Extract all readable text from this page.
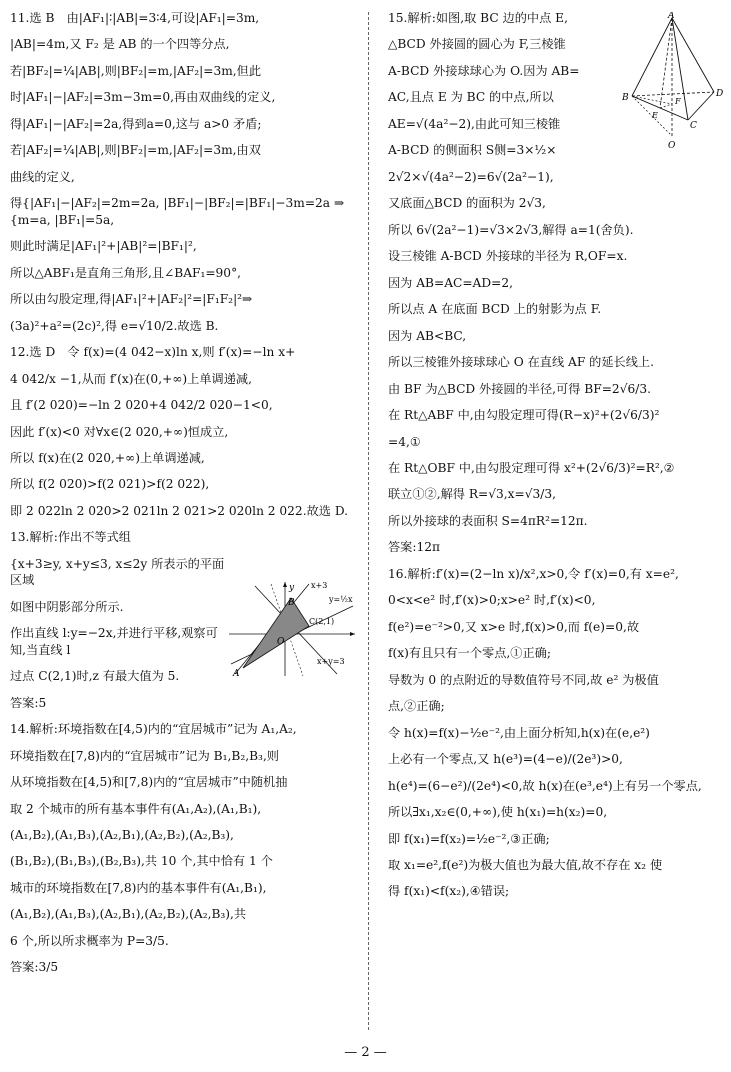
11.选 B　由|AF₁|∶|AB|=3∶4,可设|AF₁|=3m,
|AB|=4m,又 F₂ 是 AB 的一个四等分点,
若|BF₂|=¼|AB|,则|BF₂|=m,|AF₂|=3m,但此
时|AF₁|−|AF₂|=3m−3m=0,再由双曲线的定义,
得|AF₁|−|AF₂|=2a,得到a=0,这与 a>0 矛盾;
若|AF₂|=¼|AB|,则|BF₂|=m,|AF₂|=3m,由双
曲线的定义,
得{|AF₁|−|AF₂|=2m=2a, |BF₁|−|BF₂|=|BF₁|−3m=2a ⇒ {m=a, |BF₁|=5a,
则此时满足|AF₁|²+|AB|²=|BF₁|²,
所以△ABF₁是直角三角形,且∠BAF₁=90°,
所以由勾股定理,得|AF₁|²+|AF₂|²=|F₁F₂|²⇒
(3a)²+a²=(2c)²,得 e=√10/2.故选 B.
12.选 D　令 f(x)=(4 042−x)ln x,则 f′(x)=−ln x+
4 042/x −1,从而 f′(x)在(0,+∞)上单调递减,
且 f′(2 020)=−ln 2 020+4 042/2 020−1<0,
因此 f′(x)<0 对∀x∈(2 020,+∞)恒成立,
所以 f(x)在(2 020,+∞)上单调递减,
所以 f(2 020)>f(2 021)>f(2 022),
即 2 022ln 2 020>2 021ln 2 021>2 020ln 2 022.故选 D.
13.解析:作出不等式组
{x+3≥y, x+y≤3, x≤2y 所表示的平面区域
如图中阴影部分所示.
作出直线 l:y=−2x,并进行平移,观察可知,当直线 l
过点 C(2,1)时,z 有最大值为 5.
答案:5
14.解析:环境指数在[4,5)内的“宜居城市”记为 A₁,A₂,
环境指数在[7,8)内的“宜居城市”记为 B₁,B₂,B₃,则
从环境指数在[4,5)和[7,8)内的“宜居城市”中随机抽
取 2 个城市的所有基本事件有(A₁,A₂),(A₁,B₁),
(A₁,B₂),(A₁,B₃),(A₂,B₁),(A₂,B₂),(A₂,B₃),
(B₁,B₂),(B₁,B₃),(B₂,B₃),共 10 个,其中恰有 1 个
城市的环境指数在[7,8)内的基本事件有(A₁,B₁),
(A₁,B₂),(A₁,B₃),(A₂,B₁),(A₂,B₂),(A₂,B₃),共
6 个,所以所求概率为 P=3/5.
答案:3/5
15.解析:如图,取 BC 边的中点 E,
△BCD 外接圆的圆心为 F,三棱锥
A-BCD 外接球球心为 O.因为 AB=
AC,且点 E 为 BC 的中点,所以
AE=√(4a²−2),由此可知三棱锥
A-BCD 的侧面积 S侧=3×½×
2√2×√(4a²−2)=6√(2a²−1),
又底面△BCD 的面积为 2√3,
所以 6√(2a²−1)=√3×2√3,解得 a=1(舍负).
设三棱锥 A-BCD 外接球的半径为 R,OF=x.
因为 AB=AC=AD=2,
所以点 A 在底面 BCD 上的射影为点 F.
因为 AB<BC,
所以三棱锥外接球球心 O 在直线 AF 的延长线上.
由 BF 为△BCD 外接圆的半径,可得 BF=2√6/3.
在 Rt△ABF 中,由勾股定理可得(R−x)²+(2√6/3)²
=4,①
在 Rt△OBF 中,由勾股定理可得 x²+(2√6/3)²=R²,②
联立①②,解得 R=√3,x=√3/3,
所以外接球的表面积 S=4πR²=12π.
答案:12π
16.解析:f′(x)=(2−ln x)/x²,x>0,令 f′(x)=0,有 x=e²,
0<x<e² 时,f′(x)>0;x>e² 时,f′(x)<0,
f(e²)=e⁻²>0,又 x>e 时,f(x)>0,而 f(e)=0,故
f(x)有且只有一个零点,①正确;
导数为 0 的点附近的导数值符号不同,故 e² 为极值
点,②正确;
令 h(x)=f(x)−½e⁻²,由上面分析知,h(x)在(e,e²)
上必有一个零点,又 h(e³)=(4−e)/(2e³)>0,
h(e⁴)=(6−e²)/(2e⁴)<0,故 h(x)在(e³,e⁴)上有另一个零点,
所以∃x₁,x₂∈(0,+∞),使 h(x₁)=h(x₂)=0,
即 f(x₁)=f(x₂)=½e⁻²,③正确;
取 x₁=e²,f(e²)为极大值也为最大值,故不存在 x₂ 使
得 f(x₁)<f(x₂),④错误;
y x+3
B	y=½x
C(2,1)
O
A
x+y=3
A
B	D
F
E
C
O
— 2 —
